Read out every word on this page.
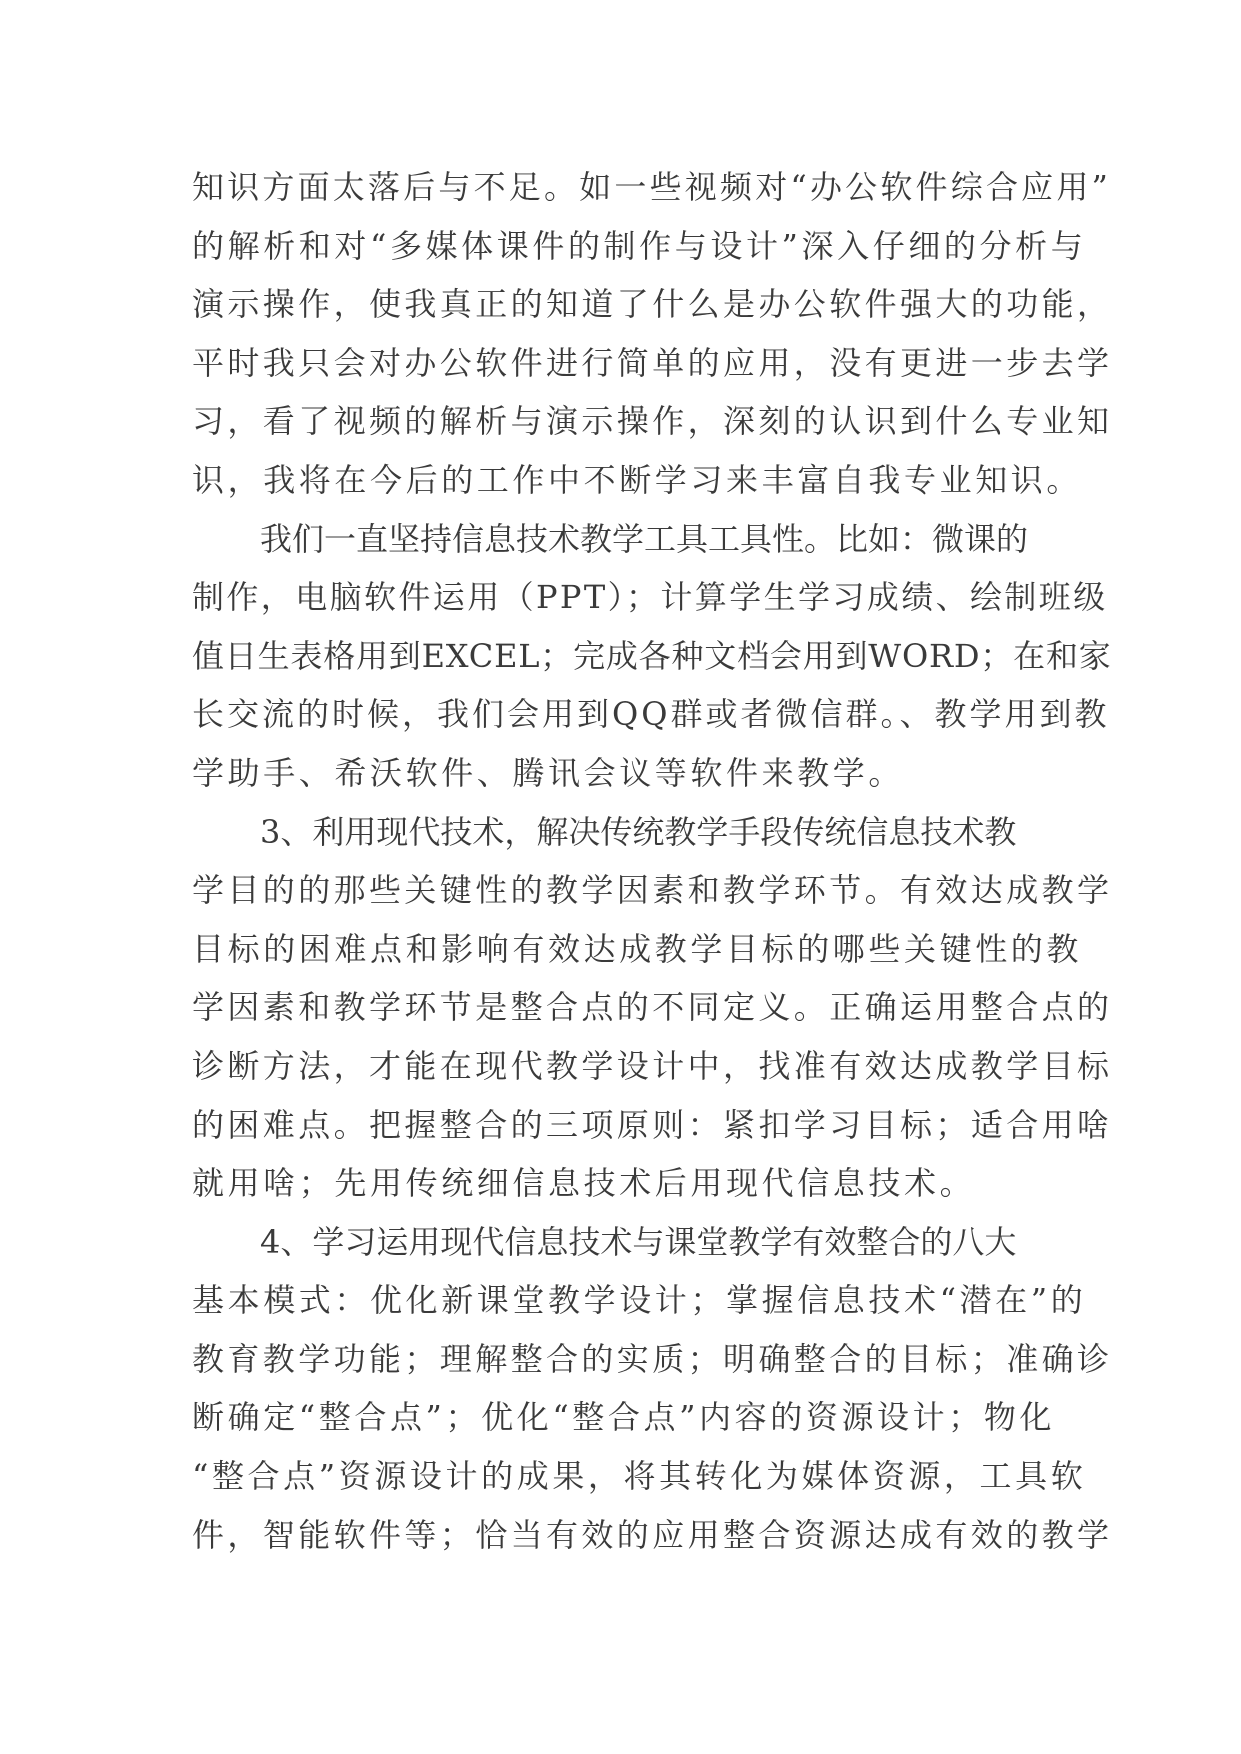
知识方面太落后与不足。如一些视频对“办公软件综合应用”
的解析和对“多媒体课件的制作与设计”深入仔细的分析与
演示操作，使我真正的知道了什么是办公软件强大的功能，
平时我只会对办公软件进行简单的应用，没有更进一步去学
习，看了视频的解析与演示操作，深刻的认识到什么专业知
识，我将在今后的工作中不断学习来丰富自我专业知识。
我们一直坚持信息技术教学工具工具性。比如：微课的
制作，电脑软件运用（PPT）；计算学生学习成绩、绘制班级
值日生表格用到EXCEL；完成各种文档会用到WORD；在和家
长交流的时候，我们会用到QQ群或者微信群。、教学用到教
学助手、希沃软件、腾讯会议等软件来教学。
3、利用现代技术，解决传统教学手段传统信息技术教
学目的的那些关键性的教学因素和教学环节。有效达成教学
目标的困难点和影响有效达成教学目标的哪些关键性的教
学因素和教学环节是整合点的不同定义。正确运用整合点的
诊断方法，才能在现代教学设计中，找准有效达成教学目标
的困难点。把握整合的三项原则：紧扣学习目标；适合用啥
就用啥；先用传统细信息技术后用现代信息技术。
4、学习运用现代信息技术与课堂教学有效整合的八大
基本模式：优化新课堂教学设计；掌握信息技术“潜在”的
教育教学功能；理解整合的实质；明确整合的目标；准确诊
断确定“整合点”；优化“整合点”内容的资源设计；物化
“整合点”资源设计的成果，将其转化为媒体资源，工具软
件，智能软件等；恰当有效的应用整合资源达成有效的教学
